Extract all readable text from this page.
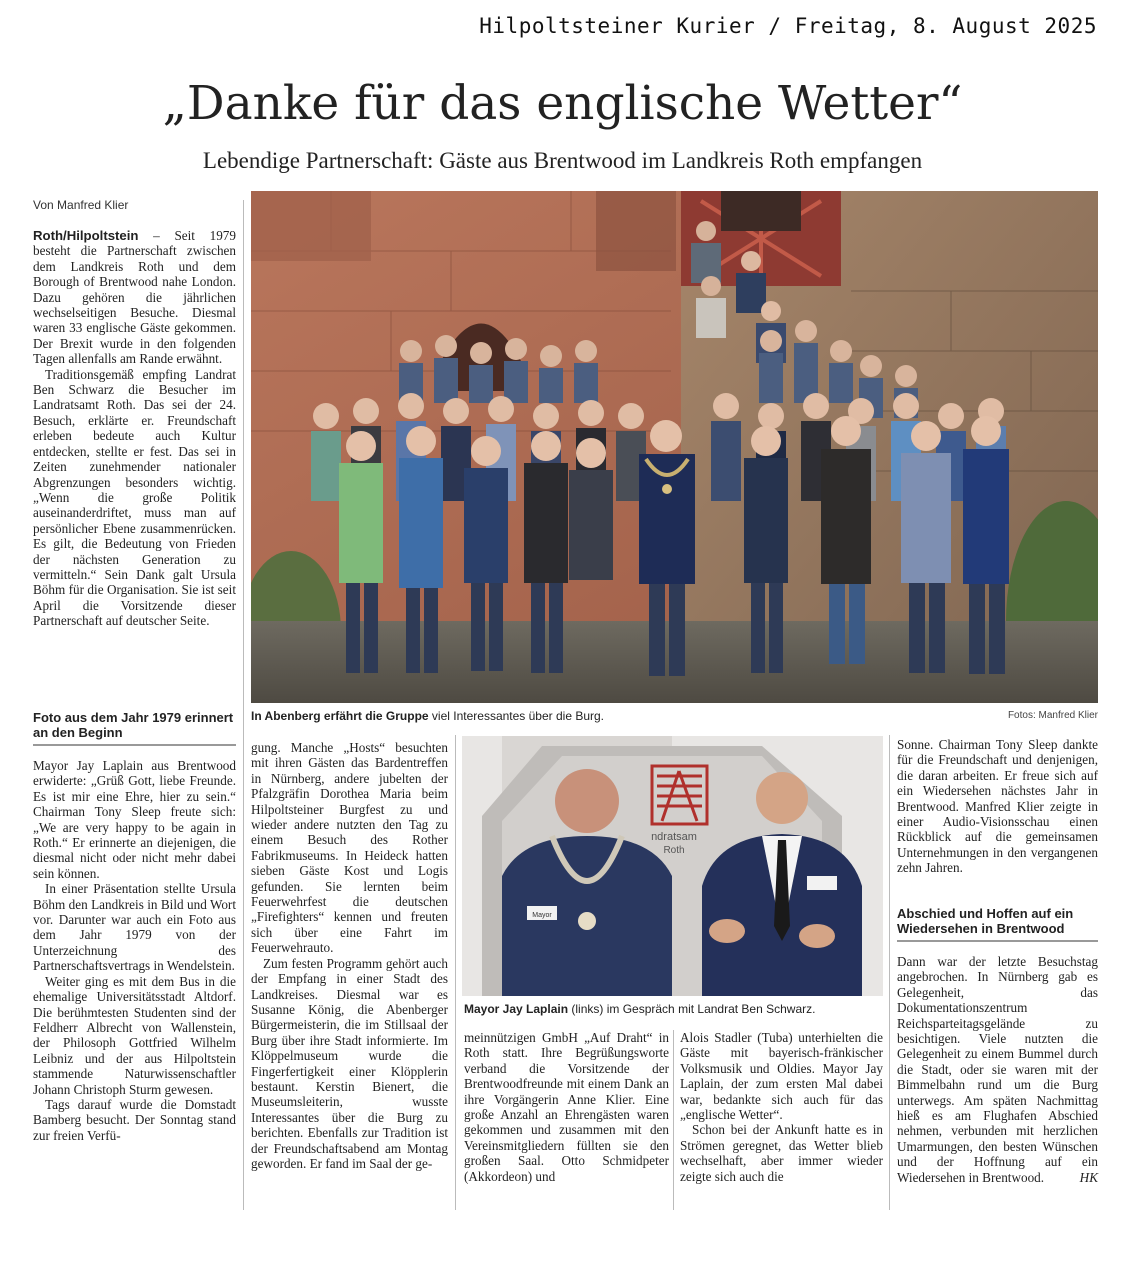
Hilpoltsteiner Kurier / Freitag, 8. August 2025
„Danke für das englische Wetter“
Lebendige Partnerschaft: Gäste aus Brentwood im Landkreis Roth empfangen
Von Manfred Klier

Roth/Hilpoltstein – Seit 1979 besteht die Partnerschaft zwischen dem Landkreis Roth und dem Borough of Brentwood nahe London. Dazu gehören die jährlichen wechselseitigen Besuche. Diesmal waren 33 englische Gäste gekommen. Der Brexit wurde in den folgenden Tagen allenfalls am Rande erwähnt.

Traditionsgemäß empfing Landrat Ben Schwarz die Besucher im Landratsamt Roth. Das sei der 24. Besuch, erklärte er. Freundschaft erleben bedeute auch Kultur entdecken, stellte er fest. Das sei in Zeiten zunehmender nationaler Abgrenzungen besonders wichtig. „Wenn die große Politik auseinanderdriftet, muss man auf persönlicher Ebene zusammenrücken. Es gilt, die Bedeutung von Frieden der nächsten Generation zu vermitteln.“ Sein Dank galt Ursula Böhm für die Organisation. Sie ist seit April die Vorsitzende dieser Partnerschaft auf deutscher Seite.

Foto aus dem Jahr 1979 erinnert an den Beginn

Mayor Jay Laplain aus Brentwood erwiderte: „Grüß Gott, liebe Freunde. Es ist mir eine Ehre, hier zu sein.“ Chairman Tony Sleep freute sich: „We are very happy to be again in Roth.“ Er erinnerte an diejenigen, die diesmal nicht oder nicht mehr dabei sein können.

In einer Präsentation stellte Ursula Böhm den Landkreis in Bild und Wort vor. Darunter war auch ein Foto aus dem Jahr 1979 von der Unterzeichnung des Partnerschaftsvertrags in Wendelstein.

Weiter ging es mit dem Bus in die ehemalige Universitätsstadt Altdorf. Die berühmtesten Studenten sind der Feldherr Albrecht von Wallenstein, der Philosoph Gottfried Wilhelm Leibniz und der aus Hilpoltstein stammende Naturwissenschaftler Johann Christoph Sturm gewesen.

Tags darauf wurde die Domstadt Bamberg besucht. Der Sonntag stand zur freien Verfü-

In Abenberg erfährt die Gruppe viel Interessantes über die Burg.	Fotos: Manfred Klier

gung. Manche „Hosts“ besuchten mit ihren Gästen das Bardentreffen in Nürnberg, andere jubelten der Pfalzgräfin Dorothea Maria beim Hilpoltsteiner Burgfest zu und wieder andere nutzten den Tag zu einem Besuch des Rother Fabrikmuseums. In Heideck hatten sieben Gäste Kost und Logis gefunden. Sie lernten beim Feuerwehrfest die deutschen „Firefighters“ kennen und freuten sich über eine Fahrt im Feuerwehrauto.

Zum festen Programm gehört auch der Empfang in einer Stadt des Landkreises. Diesmal war es Susanne König, die Abenberger Bürgermeisterin, die im Stillsaal der Burg über ihre Stadt informierte. Im Klöppelmuseum wurde die Fingerfertigkeit einer Klöpplerin bestaunt. Kerstin Bienert, die Museumsleiterin, wusste Interessantes über die Burg zu berichten. Ebenfalls zur Tradition ist der Freundschaftsabend am Montag geworden. Er fand im Saal der ge-

ndratsam
Roth
Mayor
Mayor Jay Laplain (links) im Gespräch mit Landrat Ben Schwarz.

meinnützigen GmbH „Auf Draht“ in Roth statt. Ihre Begrüßungsworte verband die Vorsitzende der Brentwoodfreunde mit einem Dank an ihre Vorgängerin Anne Klier. Eine große Anzahl an Ehrengästen waren gekommen und zusammen mit den Vereinsmitgliedern füllten sie den großen Saal. Otto Schmidpeter (Akkordeon) und

Alois Stadler (Tuba) unterhielten die Gäste mit bayerisch-fränkischer Volksmusik und Oldies. Mayor Jay Laplain, der zum ersten Mal dabei war, bedankte sich auch für das „englische Wetter“.

Schon bei der Ankunft hatte es in Strömen geregnet, das Wetter blieb wechselhaft, aber immer wieder zeigte sich auch die

Sonne. Chairman Tony Sleep dankte für die Freundschaft und denjenigen, die daran arbeiten. Er freue sich auf ein Wiedersehen nächstes Jahr in Brentwood. Manfred Klier zeigte in einer Audio-Visionsschau einen Rückblick auf die gemeinsamen Unternehmungen in den vergangenen zehn Jahren.

Abschied und Hoffen auf ein Wiedersehen in Brentwood

Dann war der letzte Besuchstag angebrochen. In Nürnberg gab es Gelegenheit, das Dokumentationszentrum Reichsparteitagsgelände zu besichtigen. Viele nutzten die Gelegenheit zu einem Bummel durch die Stadt, oder sie waren mit der Bimmelbahn rund um die Burg unterwegs. Am späten Nachmittag hieß es am Flughafen Abschied nehmen, verbunden mit herzlichen Umarmungen, den besten Wünschen und der Hoffnung auf ein Wiedersehen in Brentwood.	HK
